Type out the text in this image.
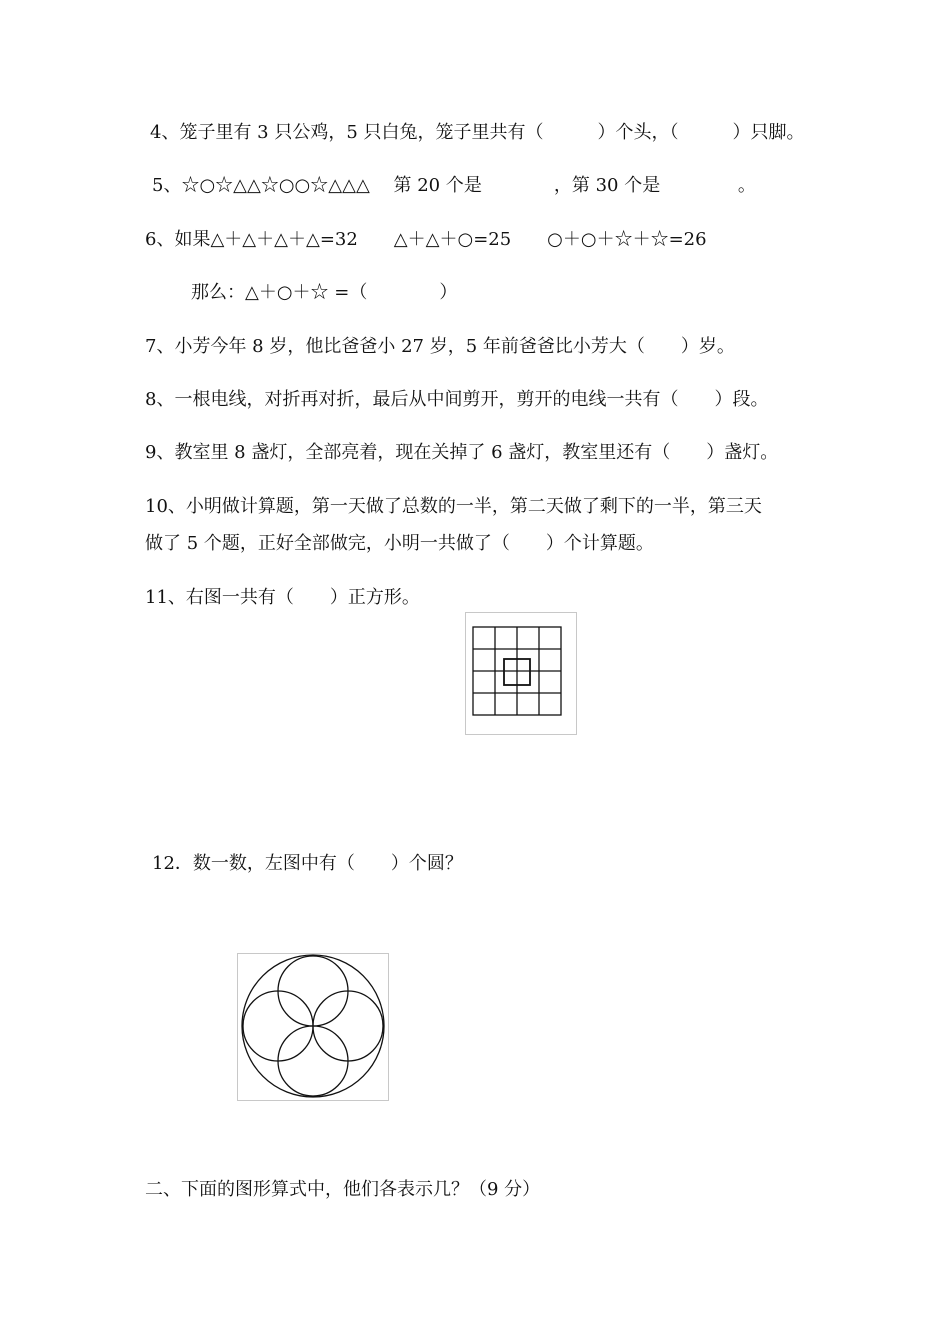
4、笼子里有 3 只公鸡，5 只白兔，笼子里共有（　　　）个头，（　　　）只脚。
5、☆○☆△△☆○○☆△△△　 第 20 个是　　　　，第 30 个是　　　　 。
6、如果△＋△＋△＋△=32　　△＋△＋○=25　　○＋○＋☆＋☆=26
那么：△＋○＋☆ =（　　　　）
7、小芳今年 8 岁，他比爸爸小 27 岁，5 年前爸爸比小芳大（　　）岁。
8、一根电线，对折再对折，最后从中间剪开，剪开的电线一共有（　　）段。
9、教室里 8 盏灯，全部亮着，现在关掉了 6 盏灯，教室里还有（　　）盏灯。
10、小明做计算题，第一天做了总数的一半，第二天做了剩下的一半，第三天
做了 5 个题，正好全部做完，小明一共做了（　　）个计算题。
11、右图一共有（　　）正方形。
12．数一数，左图中有（　　）个圆？
二、下面的图形算式中，他们各表示几？（9 分）
